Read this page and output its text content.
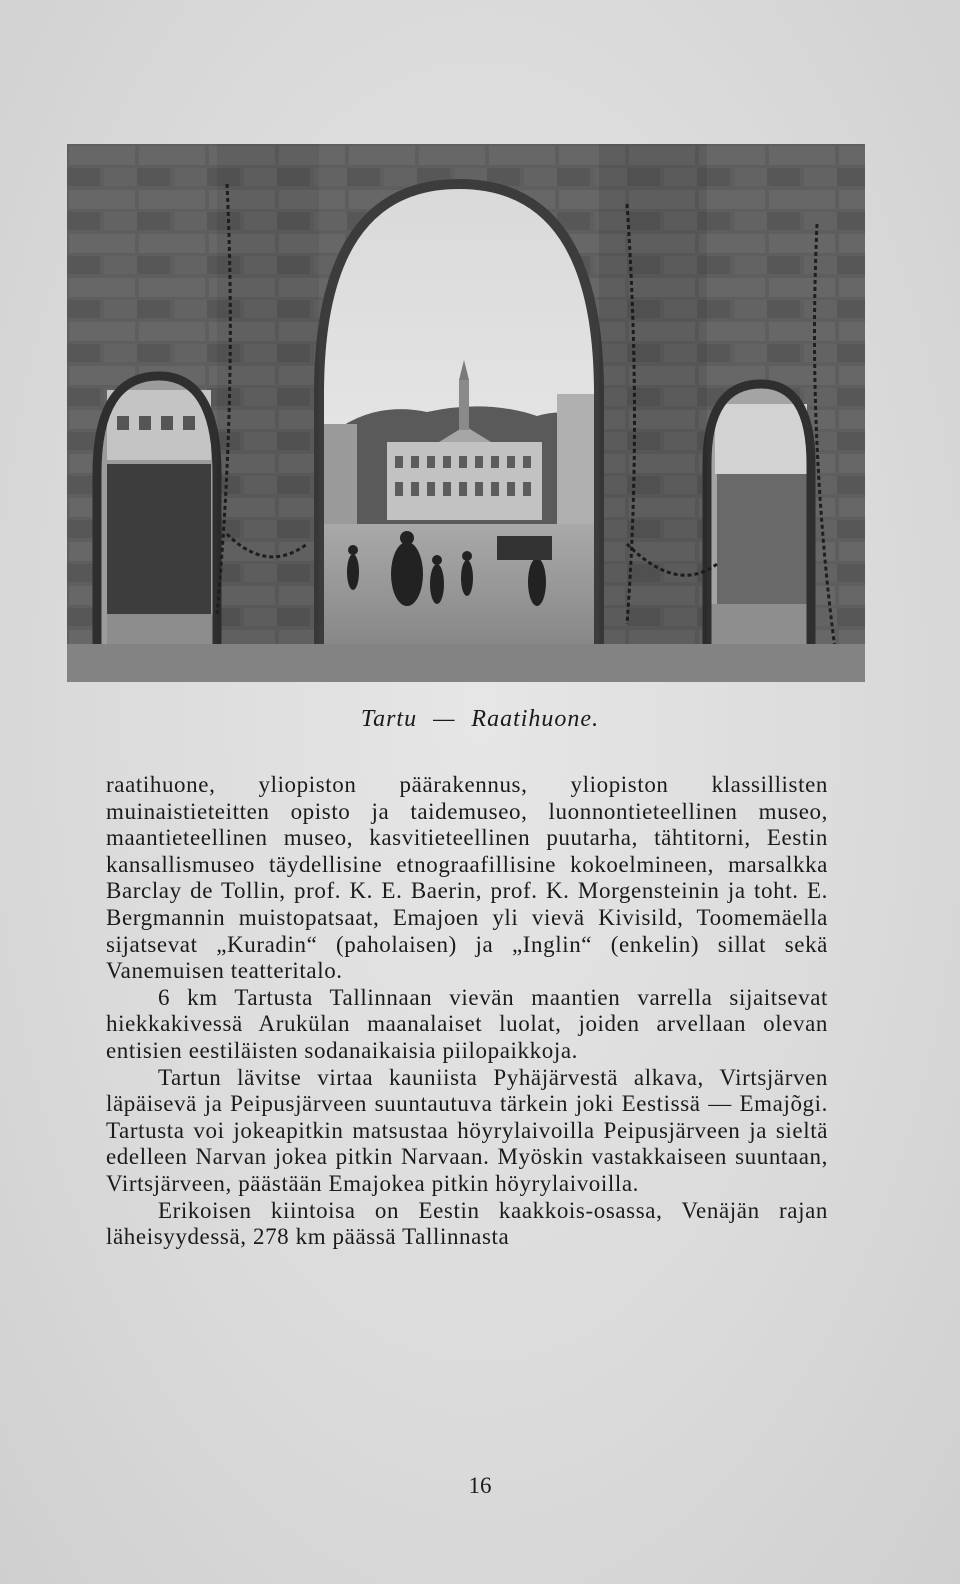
Tartu — Raatihuone.

raatihuone, yliopiston päärakennus, yliopiston klassillisten muinaistieteitten opisto ja taidemuseo, luonnontieteellinen museo, maantieteellinen museo, kasvitieteellinen puutarha, tähtitorni, Eestin kansallismuseo täydellisine etnograafillisine kokoelmineen, marsalkka Barclay de Tollin, prof. K. E. Baerin, prof. K. Morgensteinin ja toht. E. Bergmannin muistopatsaat, Emajoen yli vievä Kivisild, Toomemäella sijatsevat „Kuradin“ (paholaisen) ja „Inglin“ (enkelin) sillat sekä Vanemuisen teatteritalo.

6 km Tartusta Tallinnaan vievän maantien varrella sijaitsevat hiekkakivessä Arukülan maanalaiset luolat, joiden arvellaan olevan entisien eestiläisten sodanaikaisia piilopaikkoja.

Tartun lävitse virtaa kauniista Pyhäjärvestä alkava, Virtsjärven läpäisevä ja Peipusjärveen suuntautuva tärkein joki Eestissä — Emajõgi. Tartusta voi jokeapitkin matsustaa höyrylaivoilla Peipusjärveen ja sieltä edelleen Narvan jokea pitkin Narvaan. Myöskin vastakkaiseen suuntaan, Virtsjärveen, päästään Emajokea pitkin höyrylaivoilla.

Erikoisen kiintoisa on Eestin kaakkois-osassa, Venäjän rajan läheisyydessä, 278 km päässä Tallinnasta

16
